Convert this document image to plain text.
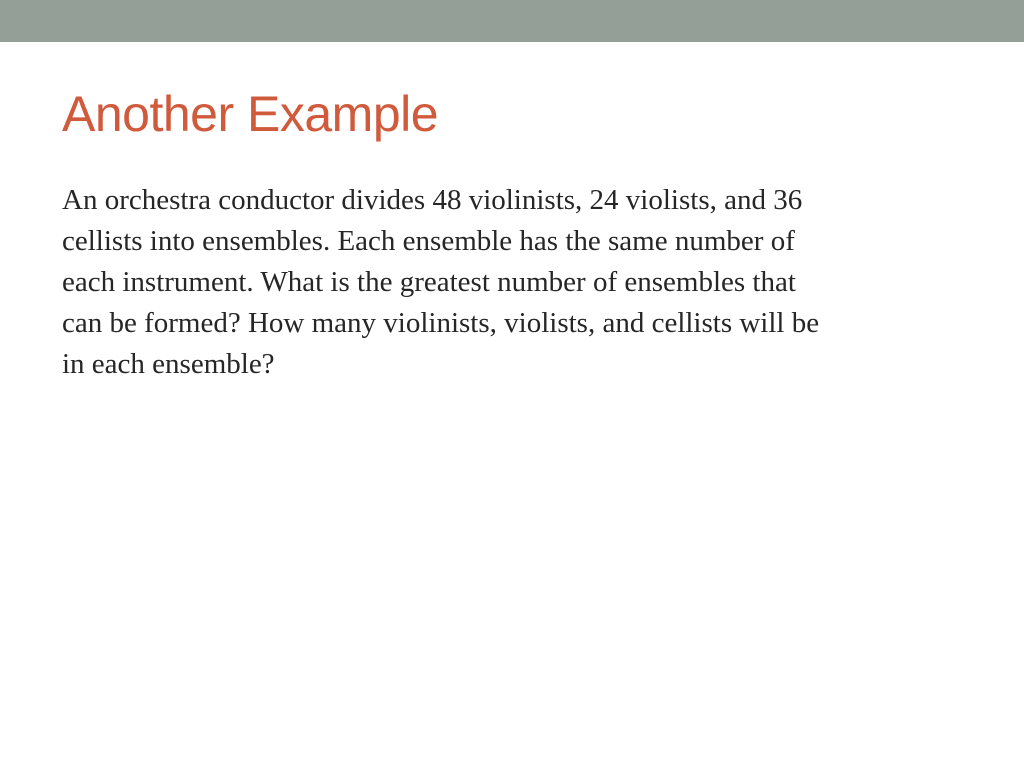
Another Example

An orchestra conductor divides 48 violinists, 24 violists, and 36
cellists into ensembles. Each ensemble has the same number of
each instrument. What is the greatest number of ensembles that
can be formed? How many violinists, violists, and cellists will be
in each ensemble?
